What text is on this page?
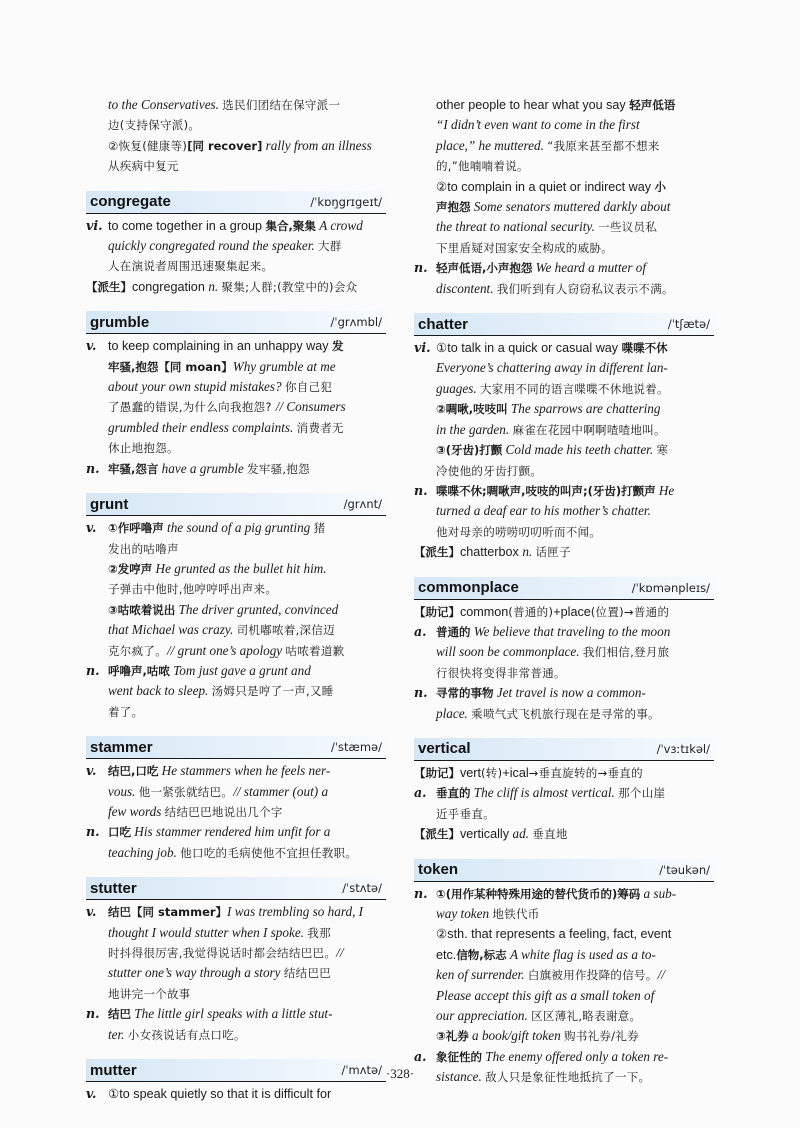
to the Conservatives. 选民们团结在保守派一
边(支持保守派)。
②恢复(健康等)[同 recover] rally from an illness
从疾病中复元
congregate	/ˈkɒŋgrɪgeɪt/
vi. to come together in a group 集合,聚集 A crowd
quickly congregated round the speaker. 大群
人在演说者周围迅速聚集起来。
【派生】congregation n. 聚集;人群;(教堂中的)会众
grumble	/ˈgrʌmbl/
v. to keep complaining in an unhappy way 发
牢骚,抱怨【同 moan】Why grumble at me
about your own stupid mistakes? 你自己犯
了愚蠢的错误,为什么向我抱怨? // Consumers
grumbled their endless complaints. 消费者无
休止地抱怨。
n. 牢骚,怨言 have a grumble 发牢骚,抱怨
grunt	/grʌnt/
v. ①作呼噜声 the sound of a pig grunting 猪
发出的咕噜声
②发哼声 He grunted as the bullet hit him.
子弹击中他时,他哼哼呼出声来。
③咕哝着说出 The driver grunted, convinced
that Michael was crazy. 司机嘟哝着,深信迈
克尔疯了。// grunt one’s apology 咕哝着道歉
n. 呼噜声,咕哝 Tom just gave a grunt and
went back to sleep. 汤姆只是哼了一声,又睡
着了。
stammer	/ˈstæmə/
v. 结巴,口吃 He stammers when he feels ner-
vous. 他一紧张就结巴。// stammer (out) a
few words 结结巴巴地说出几个字
n. 口吃 His stammer rendered him unfit for a
teaching job. 他口吃的毛病使他不宜担任教职。
stutter	/ˈstʌtə/
v. 结巴【同 stammer】I was trembling so hard, I
thought I would stutter when I spoke. 我那
时抖得很厉害,我觉得说话时都会结结巴巴。//
stutter one’s way through a story 结结巴巴
地讲完一个故事
n. 结巴 The little girl speaks with a little stut-
ter. 小女孩说话有点口吃。
mutter	/ˈmʌtə/
v. ①to speak quietly so that it is difficult for
other people to hear what you say 轻声低语
“I didn’t even want to come in the first
place,” he muttered. “我原来甚至都不想来
的,”他喃喃着说。
②to complain in a quiet or indirect way 小
声抱怨 Some senators muttered darkly about
the threat to national security. 一些议员私
下里盾疑对国家安全构成的威胁。
n. 轻声低语,小声抱怨 We heard a mutter of
discontent. 我们听到有人窃窃私议表示不满。
chatter	/ˈtʃætə/
vi. ①to talk in a quick or casual way 喋喋不休
Everyone’s chattering away in different lan-
guages. 大家用不同的语言喋喋不休地说着。
②啁啾,吱吱叫 The sparrows are chattering
in the garden. 麻雀在花园中啊啊喳喳地叫。
③(牙齿)打颤 Cold made his teeth chatter. 寒
冷使他的牙齿打颤。
n. 喋喋不休;啁啾声,吱吱的叫声;(牙齿)打颤声 He
turned a deaf ear to his mother’s chatter.
他对母亲的唠唠叨叨听而不闻。
【派生】chatterbox n. 话匣子
commonplace	/ˈkɒmənpleɪs/
【助记】common(普通的)+place(位置)→普通的
a. 普通的 We believe that traveling to the moon
will soon be commonplace. 我们相信,登月旅
行很快将变得非常普通。
n. 寻常的事物 Jet travel is now a common-
place. 乘喷气式飞机旅行现在是寻常的事。
vertical	/ˈvɜːtɪkəl/
【助记】vert(转)+ical→垂直旋转的→垂直的
a. 垂直的 The cliff is almost vertical. 那个山崖
近乎垂直。
【派生】vertically ad. 垂直地
token	/ˈtəukən/
n. ①(用作某种特殊用途的替代货币的)筹码 a sub-
way token 地铁代币
②sth. that represents a feeling, fact, event
etc.信物,标志 A white flag is used as a to-
ken of surrender. 白旗被用作投降的信号。//
Please accept this gift as a small token of
our appreciation. 区区薄礼,略表谢意。
③礼券 a book/gift token 购书礼券/礼券
a. 象征性的 The enemy offered only a token re-
sistance. 敌人只是象征性地抵抗了一下。
·328·
